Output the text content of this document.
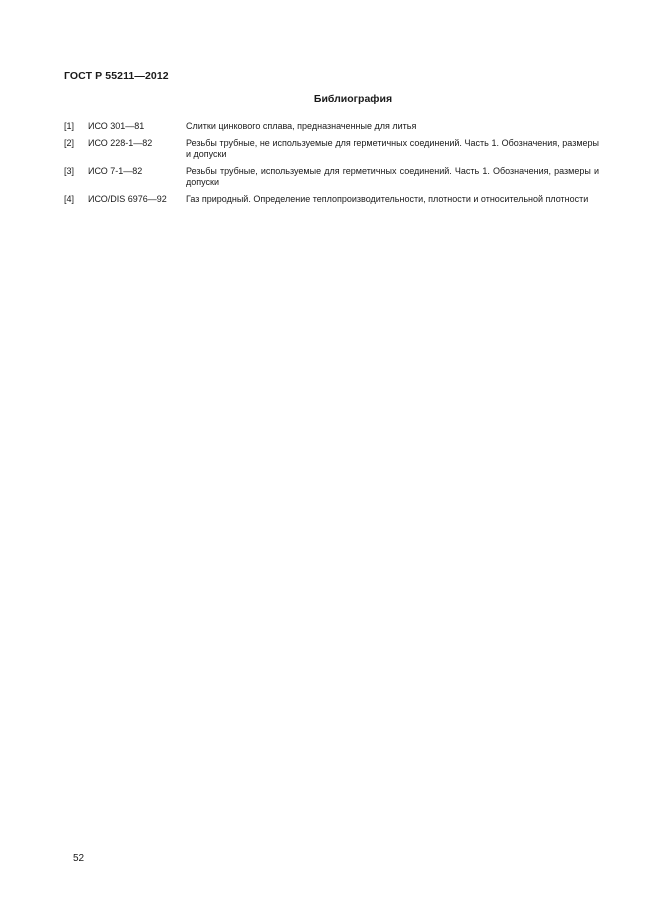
ГОСТ Р 55211—2012
Библиография
[1]	ИСО 301—81	Слитки цинкового сплава, предназначенные для литья
[2]	ИСО 228-1—82	Резьбы трубные, не используемые для герметичных соединений. Часть 1. Обозначения, размеры и допуски
[3]	ИСО 7-1—82	Резьбы трубные, используемые для герметичных соединений. Часть 1. Обозначения, размеры и допуски
[4]	ИСО/DIS 6976—92	Газ природный. Определение теплопроизводительности, плотности и относительной плотности
52
